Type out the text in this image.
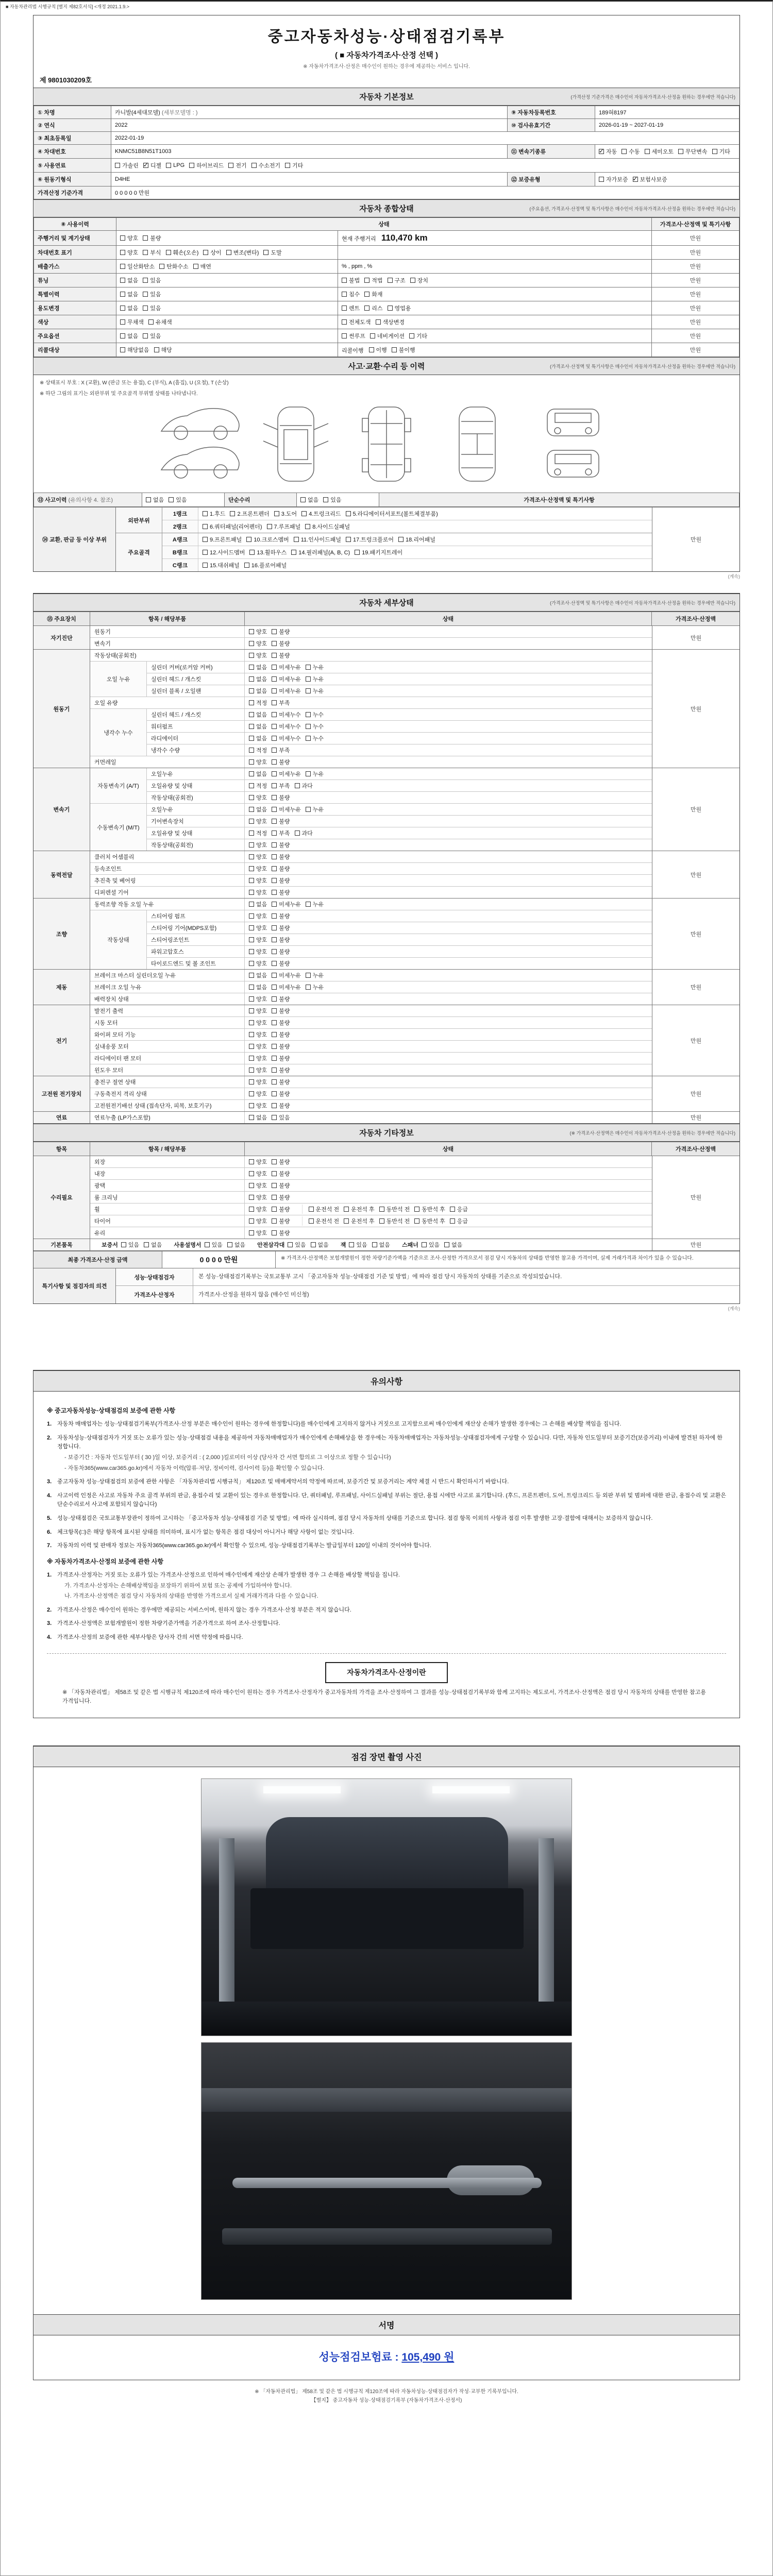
■ 자동차관리법 시행규칙 [별지 제82호서식] <개정 2021.1.9.>
중고자동차성능·상태점검기록부
( ■ 자동차가격조사·산정 선택 )
※ 자동차가격조사·산정은 매수인이 원하는 경우에 제공하는 서비스 입니다.
제 9801030209호
자동차 기본정보	(가격산정 기준가격은 매수인이 자동차가격조사·산정을 원하는 경우에만 적습니다)
① 차명	카니발(4세대모델) (세부모델명 : )	⑨ 자동차등록번호	189혀8197
② 연식	2022	⑩ 검사유효기간	2026-01-19 ~ 2027-01-19
③ 최초등록일	2022-01-19		
④ 차대번호	KNMC51B8N51T1003	⑪ 변속기종류	
✓자동 수동 세미오토 무단변속 기타

⑤ 사용연료	가솔린 ✓ 디젤 LPG 하이브리드 전기 수소전기 기타

⑥ 원동기형식	D4HE	⑫ 보증유형	자가보증 ✓ 보험사보증

가격산정 기준가격	0 0 0 0 0 만원		
자동차 종합상태	(주요옵션, 가격조사·산정액 및 특기사항은 매수인이 자동차가격조사·산정을 원하는 경우에만 적습니다)
⑧ 사용이력	상태		가격조사·산정액 및 특기사항
주행거리 및 계기상태	양호 불량	현재 주행거리 110,470 km	만원
차대번호 표기	양호 부식 훼손(오손) 상이 변조(변타) 도말		만원
배출가스	일산화탄소 탄화수소 매연	% , ppm , %	만원
튜닝	없음 있음	불법 적법 구조 장치	만원
특별이력	없음 있음	침수 화재	만원
용도변경	없음 있음	렌트 리스 영업용	만원
색상	무채색 유채색	전체도색 색상변경	만원
주요옵션	없음 있음	썬루프 네비게이션 기타	만원
리콜대상	해당없음 해당	리콜이행 이행 불이행	만원
사고·교환·수리 등 이력	(가격조사·산정액 및 특기사항은 매수인이 자동차가격조사·산정을 원하는 경우에만 적습니다)
※ 상태표시 부호 : X (교환), W (판금 또는 용접), C (부식), A (흠집), U (요철), T (손상)
※ 하단 그림의 표기는 외판부위 및 주요골격 부위별 상태를 나타냅니다.
⑬ 사고이력 (유의사항 4. 참조)	없음 있음	단순수리	없음 있음	가격조사·산정액 및 특기사항
⑭ 교환, 판금 등 이상 부위
외판부위
1랭크	1.후드 2.프론트펜더 3.도어 4.트렁크리드 5.라디에이터서포트(볼트체결부품)
2랭크	6.쿼터패널(리어펜더) 7.루프패널 8.사이드실패널
주요골격
A랭크	9.프론트패널 10.크로스멤버 11.인사이드패널 17.트렁크플로어 18.리어패널
B랭크	12.사이드멤버 13.휠하우스 14.필러패널(A, B, C) 19.패키지트레이
C랭크	15.대쉬패널 16.플로어패널
만원
(계속)
자동차 세부상태	(가격조사·산정액 및 특기사항은 매수인이 자동차가격조사·산정을 원하는 경우에만 적습니다)
⑮ 주요장치	항목 / 해당부품	상태	가격조사·산정액
자기진단
원동기	양호 불량
변속기	양호 불량
만원
원동기
작동상태(공회전)	양호 불량
오일 누유
실린더 커버(로커암 커버)	없음 미세누유 누유
실린더 헤드 / 개스킷	없음 미세누유 누유
실린더 블록 / 오일팬	없음 미세누유 누유
오일 유량	적정 부족
냉각수 누수
실린더 헤드 / 개스킷	없음 미세누수 누수
워터펌프	없음 미세누수 누수
라디에이터	없음 미세누수 누수
냉각수 수량	적정 부족
커먼레일	양호 불량
만원
변속기
자동변속기 (A/T)
오일누유	없음 미세누유 누유
오일유량 및 상태	적정 부족 과다
작동상태(공회전)	양호 불량
수동변속기 (M/T)
오일누유	없음 미세누유 누유
기어변속장치	양호 불량
오일유량 및 상태	적정 부족 과다
작동상태(공회전)	양호 불량
만원
동력전달
클러치 어셈블리	양호 불량
등속조인트	양호 불량
추진축 및 베어링	양호 불량
디퍼렌셜 기어	양호 불량
만원
조향
동력조향 작동 오일 누유	없음 미세누유 누유
작동상태
스티어링 펌프	양호 불량
스티어링 기어(MDPS포함)	양호 불량
스티어링조인트	양호 불량
파워고압호스	양호 불량
타이로드엔드 및 볼 조인트	양호 불량
만원
제동
브레이크 마스터 실린더오일 누유	없음 미세누유 누유
브레이크 오일 누유	없음 미세누유 누유
배력장치 상태	양호 불량
만원
전기
발전기 출력	양호 불량
시동 모터	양호 불량
와이퍼 모터 기능	양호 불량
실내송풍 모터	양호 불량
라디에이터 팬 모터	양호 불량
윈도우 모터	양호 불량
만원
고전원 전기장치
충전구 절연 상태	양호 불량
구동축전지 격리 상태	양호 불량
고전원전기배선 상태 (접속단자, 피복, 보호기구)	양호 불량
만원
연료	연료누출 (LP가스포함)	없음 있음	만원
자동차 기타정보	(※ 가격조사·산정액은 매수인이 자동차가격조사·산정을 원하는 경우에만 적습니다)
항목	항목 / 해당부품	상태	가격조사·산정액
수리필요
외장	양호 불량
내장	양호 불량
광택	양호 불량
룸 크리닝	양호 불량
휠	양호 불량	운전석 전 운전석 후 동반석 전 동반석 후 응급
타이어	양호 불량	운전석 전 운전석 후 동반석 전 동반석 후 응급
유리	양호 불량
만원
기본품목	보증서 있음 없음 사용설명서 있음 없음 안전삼각대 있음 없음 잭 있음 없음 스패너 있음 없음	만원
최종 가격조사·산정 금액	0 0 0 0 만원	※ 가격조사·산정액은 보험개발원이 정한 차량기준가액을 기준으로 조사·산정한 가격으로서 점검 당시 자동차의 상태를 반영한 참고용 가격이며, 실제 거래가격과 차이가 있을 수 있습니다.
특기사항 및 점검자의 의견
성능·상태점검자	본 성능·상태점검기록부는 국토교통부 고시 「중고자동차 성능·상태점검 기준 및 방법」에 따라 점검 당시 자동차의 상태를 기준으로 작성되었습니다.
가격조사·산정자	가격조사·산정을 원하지 않음 (매수인 미신청)
(계속)
유의사항
※ 중고자동차성능·상태점검의 보증에 관한 사항
1. 자동차 매매업자는 성능·상태점검기록부(가격조사·산정 부분은 매수인이 원하는 경우에 한정합니다)를 매수인에게 고지하지 않거나 거짓으로 고지함으로써 매수인에게 재산상 손해가 발생한 경우에는 그 손해를 배상할 책임을 집니다.
2. 자동차성능·상태점검자가 거짓 또는 오류가 있는 성능·상태점검 내용을 제공하여 자동차매매업자가 매수인에게 손해배상을 한 경우에는 자동차매매업자는 자동차성능·상태점검자에게 구상할 수 있습니다. 다만, 자동차 인도일부터 보증기간(보증거리) 이내에 발견된 하자에 한정합니다.
- 보증기간 : 자동차 인도일부터 ( 30 )일 이상, 보증거리 : ( 2,000 )킬로미터 이상 (당사자 간 서면 합의로 그 이상으로 정할 수 있습니다)
- 자동차365(www.car365.go.kr)에서 자동차 이력(압류·저당, 정비이력, 검사이력 등)을 확인할 수 있습니다.
3. 중고자동차 성능·상태점검의 보증에 관한 사항은 「자동차관리법 시행규칙」 제120조 및 매매계약서의 약정에 따르며, 보증기간 및 보증거리는 계약 체결 시 반드시 확인하시기 바랍니다.
4. 사고이력 인정은 사고로 자동차 주요 골격 부위의 판금, 용접수리 및 교환이 있는 경우로 한정합니다. 단, 쿼터패널, 루프패널, 사이드실패널 부위는 절단, 용접 시에만 사고로 표기합니다. (후드, 프론트펜더, 도어, 트렁크리드 등 외판 부위 및 범퍼에 대한 판금, 용접수리 및 교환은 단순수리로서 사고에 포함되지 않습니다)
5. 성능·상태점검은 국토교통부장관이 정하여 고시하는 「중고자동차 성능·상태점검 기준 및 방법」에 따라 실시하며, 점검 당시 자동차의 상태를 기준으로 합니다. 점검 항목 이외의 사항과 점검 이후 발생한 고장·결함에 대해서는 보증하지 않습니다.
6. 체크항목(□)은 해당 항목에 표시된 상태를 의미하며, 표시가 없는 항목은 점검 대상이 아니거나 해당 사항이 없는 것입니다.
7. 자동차의 이력 및 판매자 정보는 자동차365(www.car365.go.kr)에서 확인할 수 있으며, 성능·상태점검기록부는 발급일부터 120일 이내의 것이어야 합니다.
※ 자동차가격조사·산정의 보증에 관한 사항
1. 가격조사·산정자는 거짓 또는 오류가 있는 가격조사·산정으로 인하여 매수인에게 재산상 손해가 발생한 경우 그 손해를 배상할 책임을 집니다.
가. 가격조사·산정자는 손해배상책임을 보장하기 위하여 보험 또는 공제에 가입하여야 합니다.
나. 가격조사·산정액은 점검 당시 자동차의 상태를 반영한 가격으로서 실제 거래가격과 다를 수 있습니다.
2. 가격조사·산정은 매수인이 원하는 경우에만 제공되는 서비스이며, 원하지 않는 경우 가격조사·산정 부분은 적지 않습니다.
3. 가격조사·산정액은 보험개발원이 정한 차량기준가액을 기준가격으로 하여 조사·산정합니다.
4. 가격조사·산정의 보증에 관한 세부사항은 당사자 간의 서면 약정에 따릅니다.
자동차가격조사·산정이란
※ 「자동차관리법」 제58조 및 같은 법 시행규칙 제120조에 따라 매수인이 원하는 경우 가격조사·산정자가 중고자동차의 가격을 조사·산정하여 그 결과를 성능·상태점검기록부와 함께 고지하는 제도로서, 가격조사·산정액은 점검 당시 자동차의 상태를 반영한 참고용 가격입니다.
점검 장면 촬영 사진
서명
성능점검보험료 : 105,490 원
※ 「자동차관리법」 제58조 및 같은 법 시행규칙 제120조에 따라 자동차성능·상태점검자가 작성·교부한 기록부입니다.
【별지】 중고자동차 성능·상태점검기록부 (자동차가격조사·산정서)
